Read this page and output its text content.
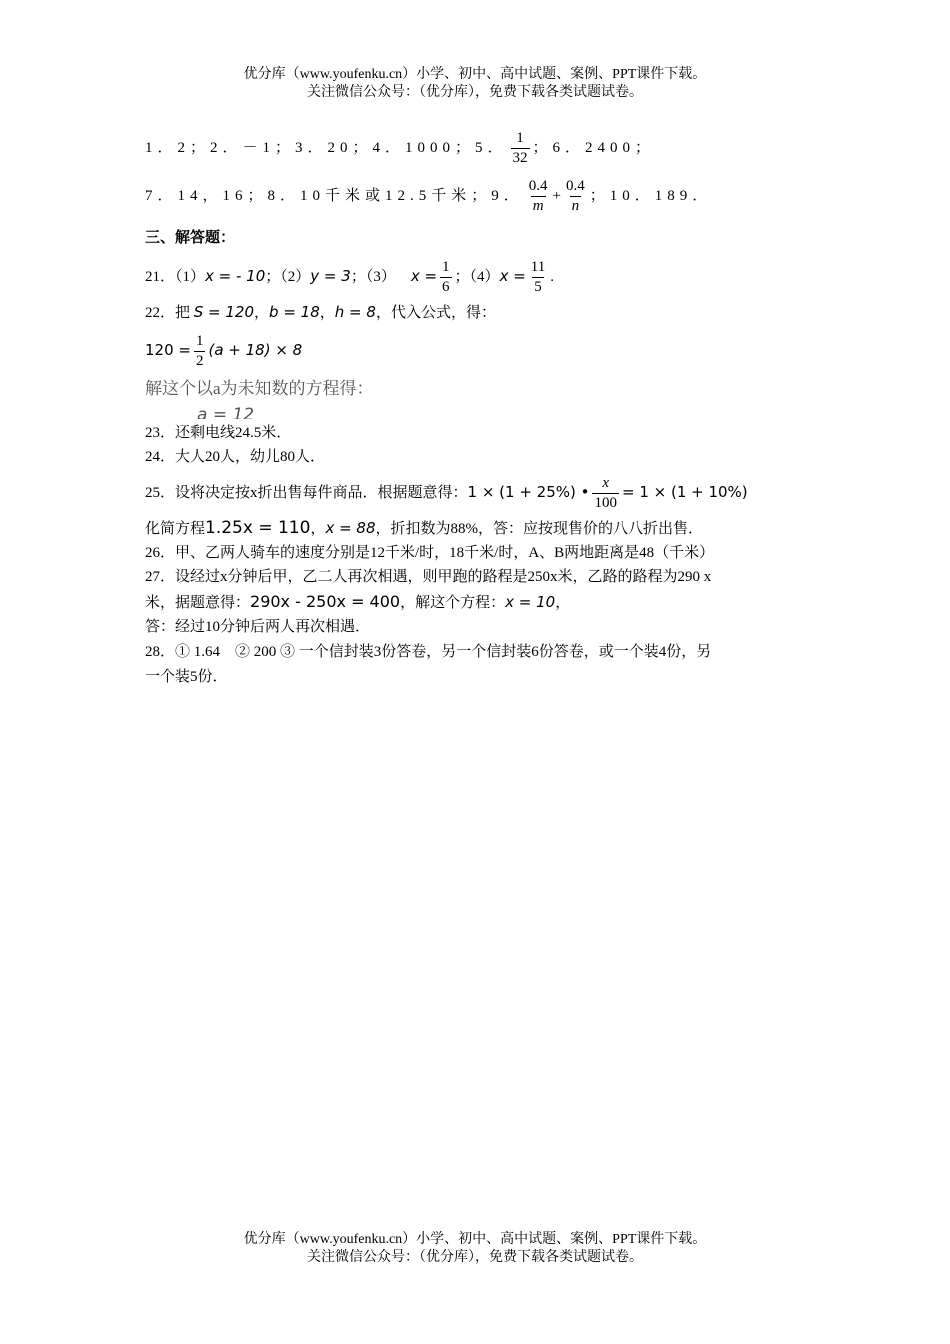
优分库（www.youfenku.cn）小学、初中、高中试题、案例、PPT课件下载。
关注微信公众号：（优分库），免费下载各类试题试卷。
1．2；2．－1；3．20；4．1000；5． $\frac{1}{32}$ ；6．2400；
7．14，16；8．10千米或12.5千米；9． $\frac{0.4}{m} + \frac{0.4}{n}$ ；10．189．
三、解答题：
21．（1）x = - 10；（2）y = 3；（3） $x = \frac{1}{6}$ ；$(4)x = \frac{11}{5}$ .
22．把 S = 120，b = 18，h = 8，代入公式，得：
$120 = \frac{1}{2} (a + 18) \times 8$
解这个以a为未知数的方程得：
a = 12
23．还剩电线24.5米．
24．大人20人，幼儿80人．
25．设将决定按x折出售每件商品．根据题意得：1 × (1 + 25%) • $\frac{x}{100} = 1 \times (1 + 10\%)$
化简方程1.25x = 110，x = 88，折扣数为88%，答：应按现售价的八八折出售．
26．甲、乙两人骑车的速度分别是12千米/时，18千米/时，A、B两地距离是48（千米）
27．设经过x分钟后甲，乙二人再次相遇，则甲跑的路程是250x米，乙路的路程为290 x
米，据题意得：290x - 250x = 400，解这个方程：x = 10，
答：经过10分钟后两人再次相遇．
28．① 1.64　② 200 ③ 一个信封装3份答卷，另一个信封装6份答卷，或一个装4份，另
一个装5份．
优分库（www.youfenku.cn）小学、初中、高中试题、案例、PPT课件下载。
关注微信公众号：（优分库），免费下载各类试题试卷。
